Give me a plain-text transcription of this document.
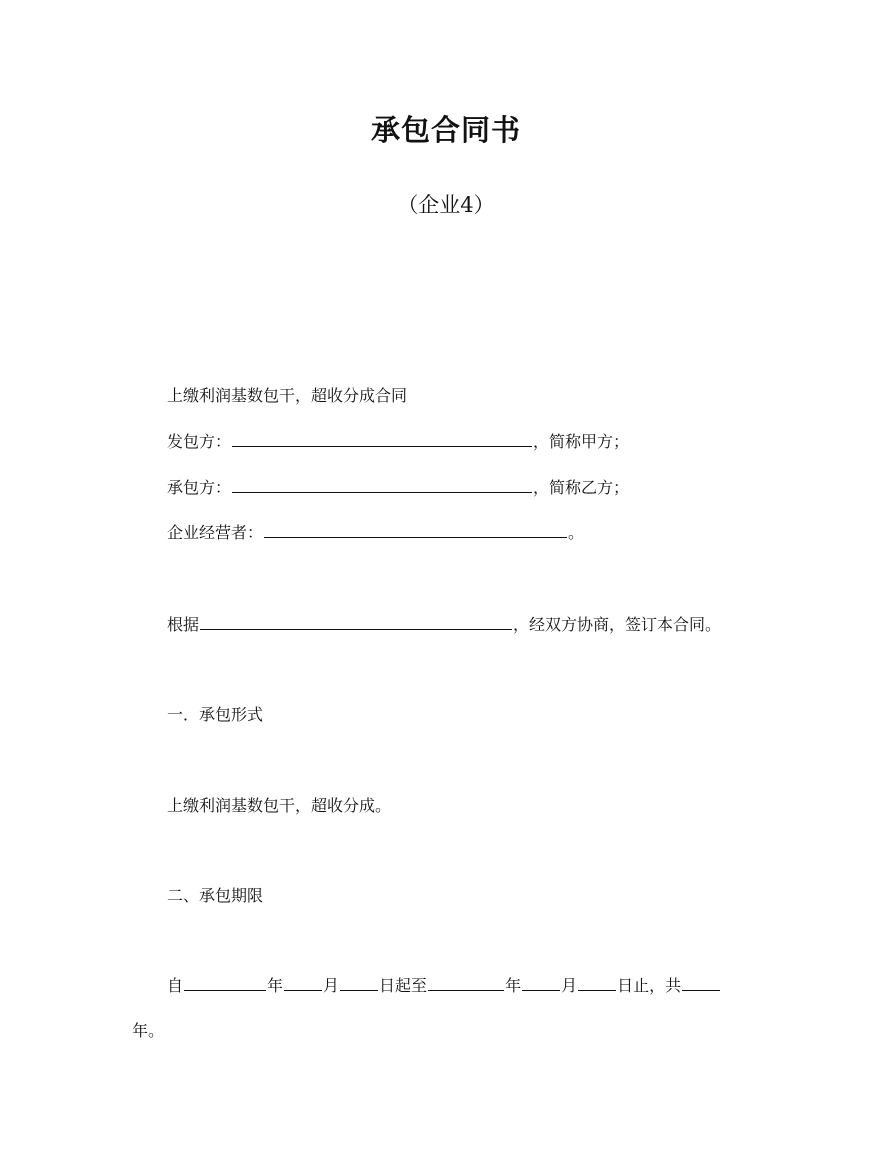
承包合同书
（企业4）
上缴利润基数包干，超收分成合同
发包方：	，简称甲方；
承包方：	，简称乙方；
企业经营者：	。
根据	，经双方协商，签订本合同。
一．承包形式
上缴利润基数包干，超收分成。
二、承包期限
自	年	月	日起至	年	月	日止，共
年。
